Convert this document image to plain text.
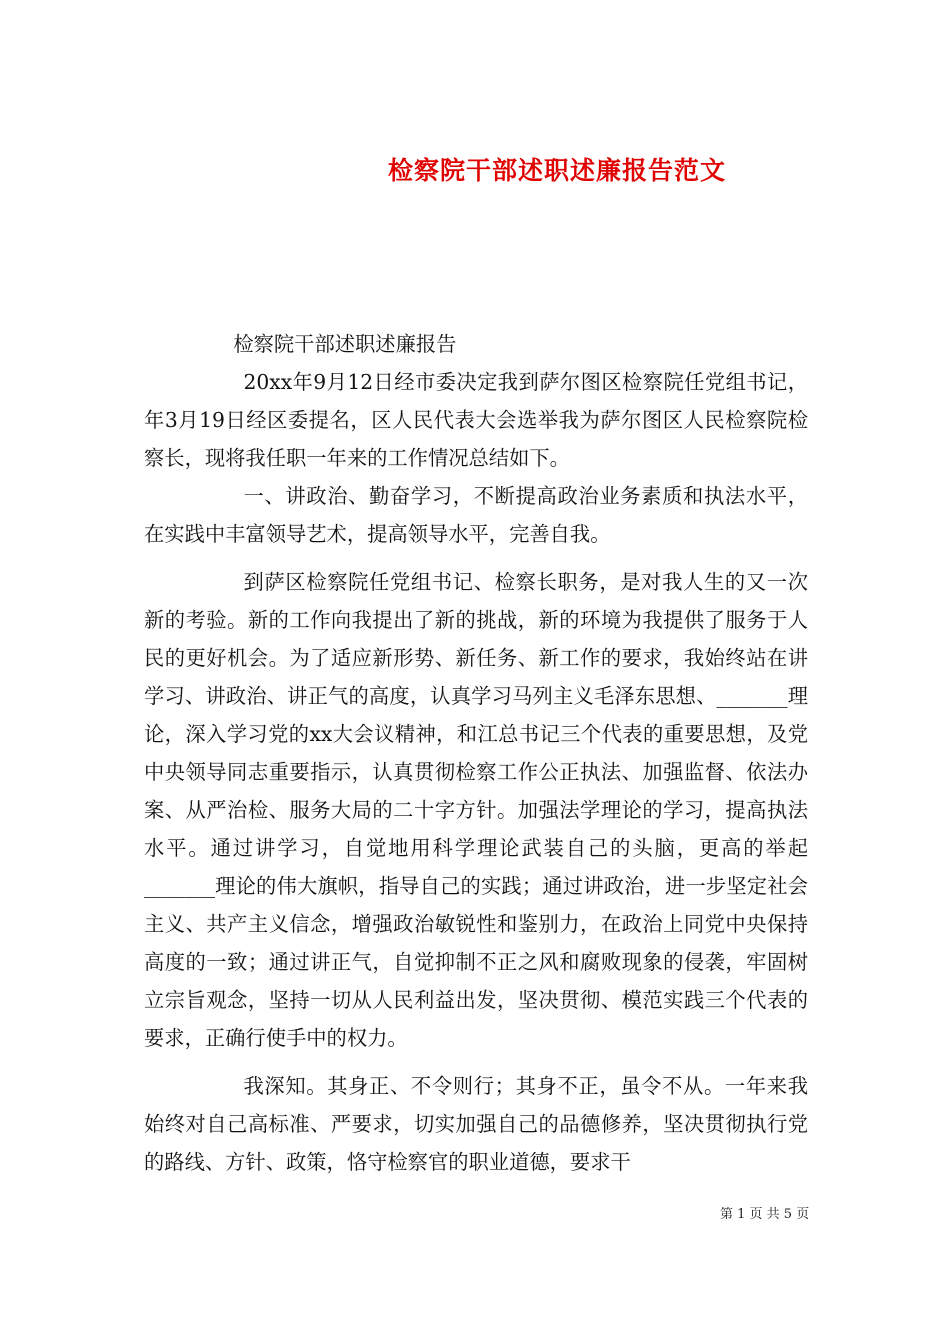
检察院干部述职述廉报告范文

检察院干部述职述廉报告

20xx年9月12日经市委决定我到萨尔图区检察院任党组书记，年3月19日经区委提名，区人民代表大会选举我为萨尔图区人民检察院检察长，现将我任职一年来的工作情况总结如下。

一、讲政治、勤奋学习，不断提高政治业务素质和执法水平，在实践中丰富领导艺术，提高领导水平，完善自我。

到萨区检察院任党组书记、检察长职务，是对我人生的又一次新的考验。新的工作向我提出了新的挑战，新的环境为我提供了服务于人民的更好机会。为了适应新形势、新任务、新工作的要求，我始终站在讲学习、讲政治、讲正气的高度，认真学习马列主义毛泽东思想、_______理论，深入学习党的xx大会议精神，和江总书记三个代表的重要思想，及党中央领导同志重要指示，认真贯彻检察工作公正执法、加强监督、依法办案、从严治检、服务大局的二十字方针。加强法学理论的学习，提高执法水平。通过讲学习，自觉地用科学理论武装自己的头脑，更高的举起_______理论的伟大旗帜，指导自己的实践；通过讲政治，进一步坚定社会主义、共产主义信念，增强政治敏锐性和鉴别力，在政治上同党中央保持高度的一致；通过讲正气，自觉抑制不正之风和腐败现象的侵袭，牢固树立宗旨观念，坚持一切从人民利益出发，坚决贯彻、模范实践三个代表的要求，正确行使手中的权力。

我深知。其身正、不令则行；其身不正，虽令不从。一年来我始终对自己高标准、严要求，切实加强自己的品德修养，坚决贯彻执行党的路线、方针、政策，恪守检察官的职业道德，要求干

第 1 页 共 5 页
